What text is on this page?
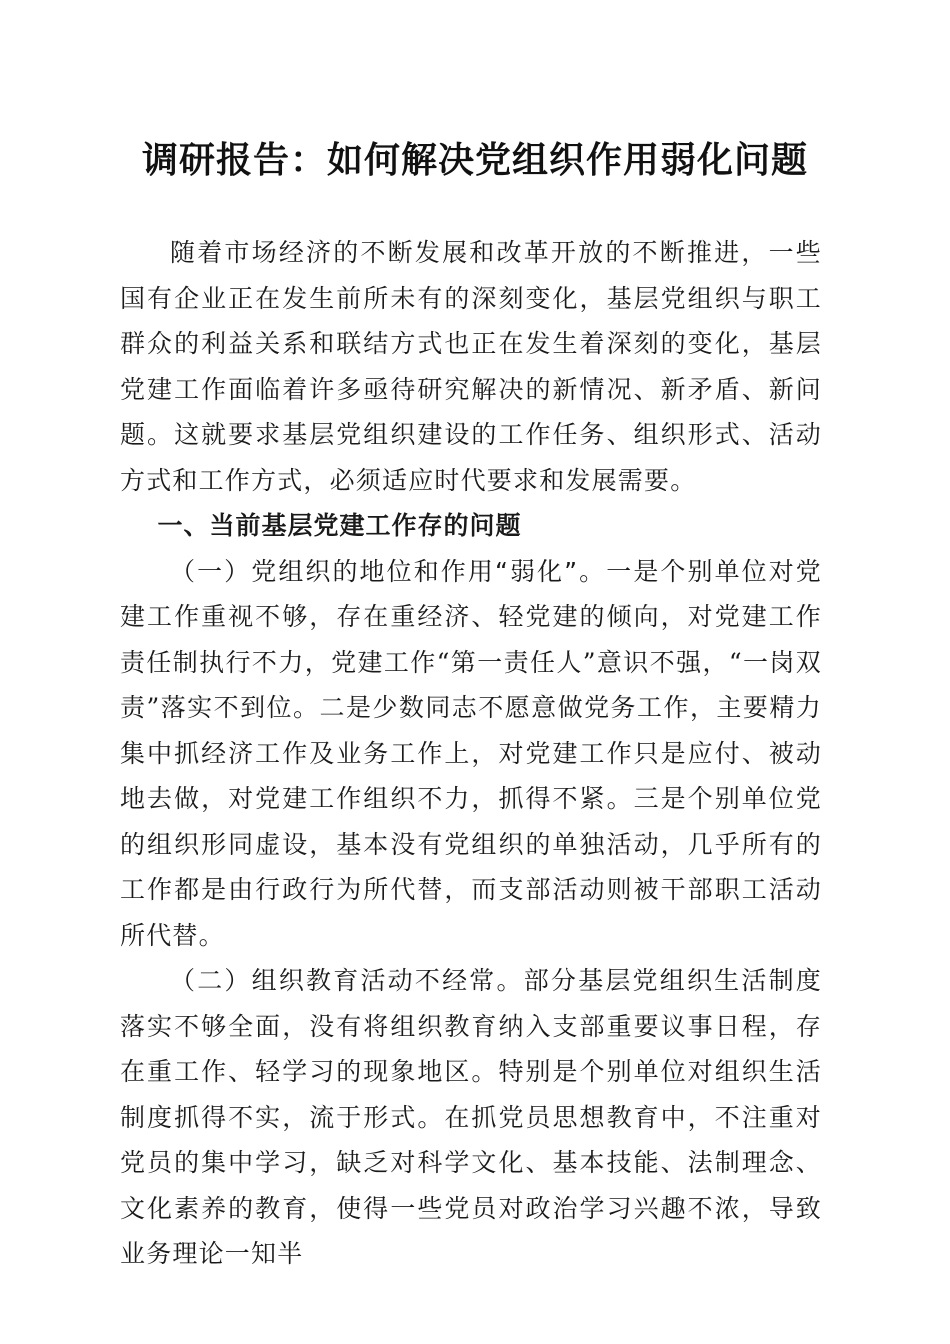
调研报告：如何解决党组织作用弱化问题

随着市场经济的不断发展和改革开放的不断推进，一些国有企业正在发生前所未有的深刻变化，基层党组织与职工群众的利益关系和联结方式也正在发生着深刻的变化，基层党建工作面临着许多亟待研究解决的新情况、新矛盾、新问题。这就要求基层党组织建设的工作任务、组织形式、活动方式和工作方式，必须适应时代要求和发展需要。

一、当前基层党建工作存的问题

（一）党组织的地位和作用“弱化”。一是个别单位对党建工作重视不够，存在重经济、轻党建的倾向，对党建工作责任制执行不力，党建工作“第一责任人”意识不强，“一岗双责”落实不到位。二是少数同志不愿意做党务工作，主要精力集中抓经济工作及业务工作上，对党建工作只是应付、被动地去做，对党建工作组织不力，抓得不紧。三是个别单位党的组织形同虚设，基本没有党组织的单独活动，几乎所有的工作都是由行政行为所代替，而支部活动则被干部职工活动所代替。

（二）组织教育活动不经常。部分基层党组织生活制度落实不够全面，没有将组织教育纳入支部重要议事日程，存在重工作、轻学习的现象地区。特别是个别单位对组织生活制度抓得不实，流于形式。在抓党员思想教育中，不注重对党员的集中学习，缺乏对科学文化、基本技能、法制理念、文化素养的教育，使得一些党员对政治学习兴趣不浓，导致业务理论一知半
